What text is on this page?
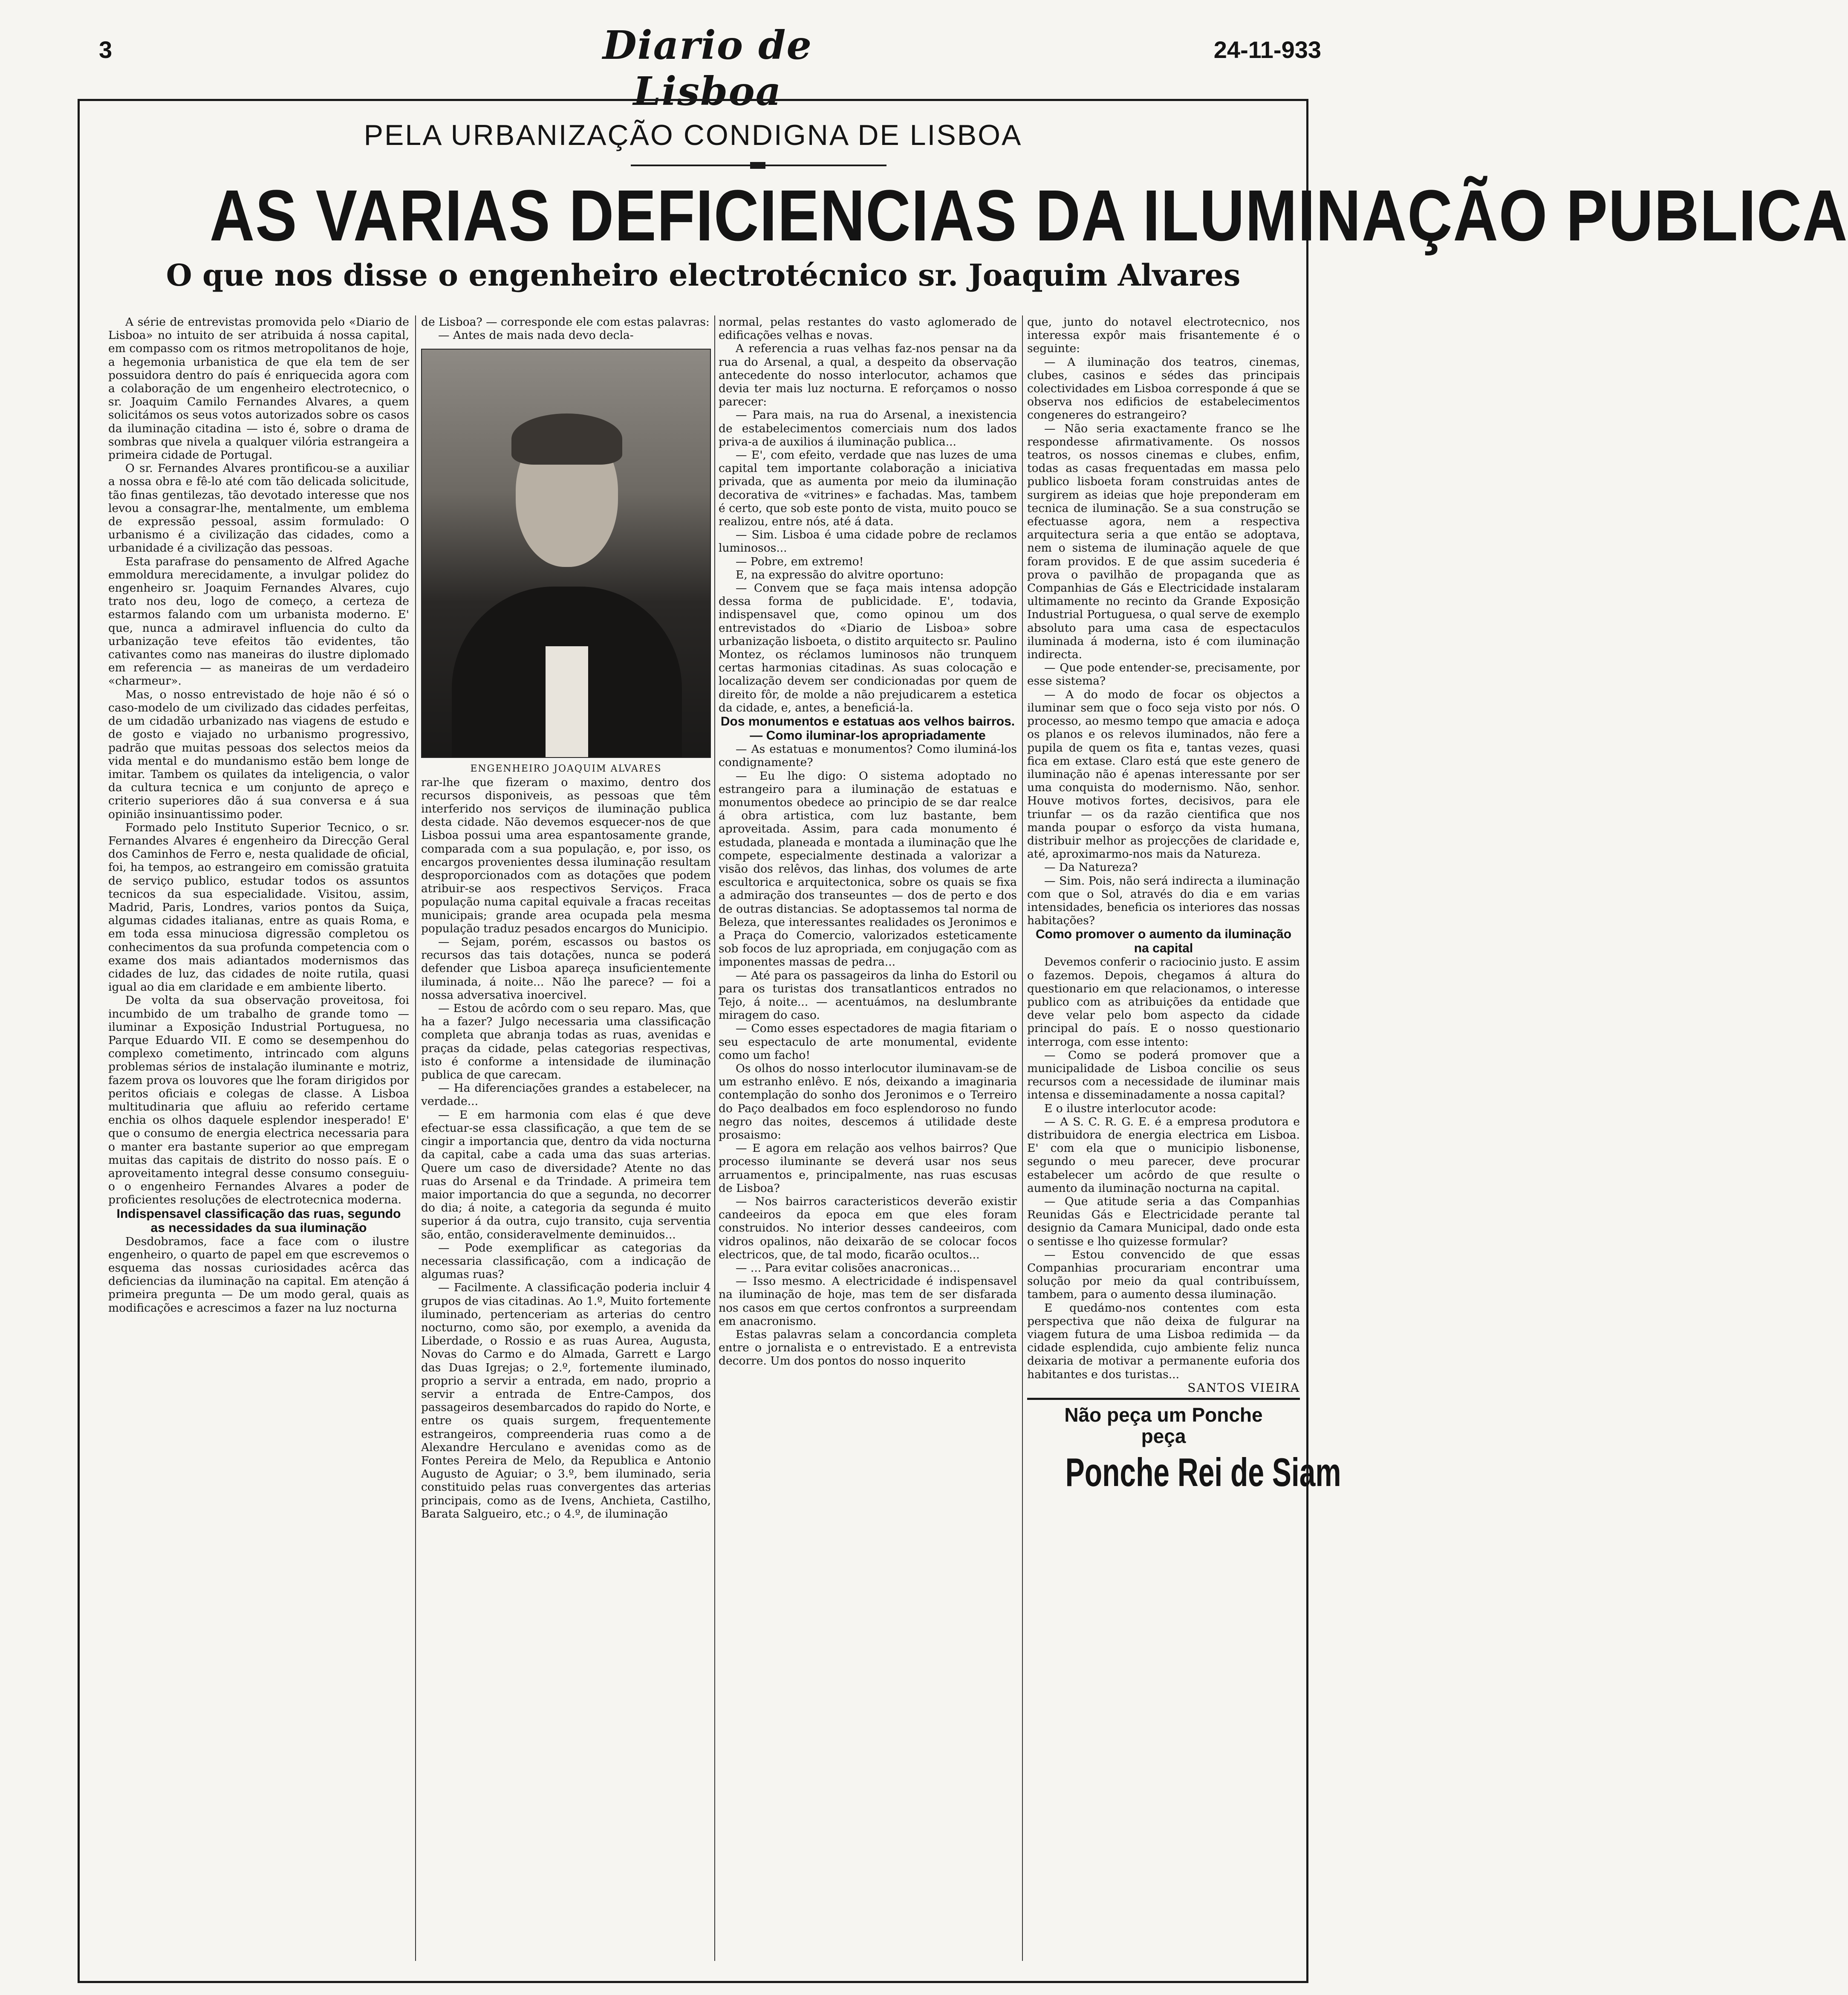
3	Diario de Lisboa
24-11-933
PELA URBANIZAÇÃO CONDIGNA DE LISBOA
AS VARIAS DEFICIENCIAS DA ILUMINAÇÃO PUBLICA
O que nos disse o engenheiro electrotécnico sr. Joaquim Alvares

A série de entrevistas promovida pelo «Diario de Lisboa» no intuito de ser atribuida á nossa capital, em compasso com os ritmos metropolitanos de hoje, a hegemonia urbanistica de que ela tem de ser possuidora dentro do país é enriquecida agora com a colaboração de um engenheiro electrotecnico, o sr. Joaquim Camilo Fernandes Alvares, a quem solicitámos os seus votos autorizados sobre os casos da iluminação citadina — isto é, sobre o drama de sombras que nivela a qualquer vilória estrangeira a primeira cidade de Portugal.

O sr. Fernandes Alvares prontificou-se a auxiliar a nossa obra e fê-lo até com tão delicada solicitude, tão finas gentilezas, tão devotado interesse que nos levou a consagrar-lhe, mentalmente, um emblema de expressão pessoal, assim formulado: O urbanismo é a civilização das cidades, como a urbanidade é a civilização das pessoas.

Esta parafrase do pensamento de Alfred Agache emmoldura merecidamente, a invulgar polidez do engenheiro sr. Joaquim Fernandes Alvares, cujo trato nos deu, logo de começo, a certeza de estarmos falando com um urbanista moderno. E' que, nunca a admiravel influencia do culto da urbanização teve efeitos tão evidentes, tão cativantes como nas maneiras do ilustre diplomado em referencia — as maneiras de um verdadeiro «charmeur».

Mas, o nosso entrevistado de hoje não é só o caso-modelo de um civilizado das cidades perfeitas, de um cidadão urbanizado nas viagens de estudo e de gosto e viajado no urbanismo progressivo, padrão que muitas pessoas dos selectos meios da vida mental e do mundanismo estão bem longe de imitar. Tambem os quilates da inteligencia, o valor da cultura tecnica e um conjunto de apreço e criterio superiores dão á sua conversa e á sua opinião insinuantissimo poder.

Formado pelo Instituto Superior Tecnico, o sr. Fernandes Alvares é engenheiro da Direcção Geral dos Caminhos de Ferro e, nesta qualidade de oficial, foi, ha tempos, ao estrangeiro em comissão gratuita de serviço publico, estudar todos os assuntos tecnicos da sua especialidade. Visitou, assim, Madrid, Paris, Londres, varios pontos da Suiça, algumas cidades italianas, entre as quais Roma, e em toda essa minuciosa digressão completou os conhecimentos da sua profunda competencia com o exame dos mais adiantados modernismos das cidades de luz, das cidades de noite rutila, quasi igual ao dia em claridade e em ambiente liberto.

De volta da sua observação proveitosa, foi incumbido de um trabalho de grande tomo — iluminar a Exposição Industrial Portuguesa, no Parque Eduardo VII. E como se desempenhou do complexo cometimento, intrincado com alguns problemas sérios de instalação iluminante e motriz, fazem prova os louvores que lhe foram dirigidos por peritos oficiais e colegas de classe. A Lisboa multitudinaria que afluiu ao referido certame enchia os olhos daquele esplendor inesperado! E' que o consumo de energia electrica necessaria para o manter era bastante superior ao que empregam muitas das capitais de distrito do nosso país. E o aproveitamento integral desse consumo conseguiu-o o engenheiro Fernandes Alvares a poder de proficientes resoluções de electrotecnica moderna.

Indispensavel classificação das ruas, segundo as necessidades da sua iluminação

Desdobramos, face a face com o ilustre engenheiro, o quarto de papel em que escrevemos o esquema das nossas curiosidades acêrca das deficiencias da iluminação na capital. Em atenção á primeira pregunta — De um modo geral, quais as modificações e acrescimos a fazer na luz nocturna

de Lisboa? — corresponde ele com estas palavras:

— Antes de mais nada devo decla-

ENGENHEIRO JOAQUIM ALVARES

rar-lhe que fizeram o maximo, dentro dos recursos disponiveis, as pessoas que têm interferido nos serviços de iluminação publica desta cidade. Não devemos esquecer-nos de que Lisboa possui uma area espantosamente grande, comparada com a sua população, e, por isso, os encargos provenientes dessa iluminação resultam desproporcionados com as dotações que podem atribuir-se aos respectivos Serviços. Fraca população numa capital equivale a fracas receitas municipais; grande area ocupada pela mesma população traduz pesados encargos do Municipio.

— Sejam, porém, escassos ou bastos os recursos das tais dotações, nunca se poderá defender que Lisboa apareça insuficientemente iluminada, á noite... Não lhe parece? — foi a nossa adversativa inoercivel.

— Estou de acôrdo com o seu reparo. Mas, que ha a fazer? Julgo necessaria uma classificação completa que abranja todas as ruas, avenidas e praças da cidade, pelas categorias respectivas, isto é conforme a intensidade de iluminação publica de que carecam.

— Ha diferenciações grandes a estabelecer, na verdade...

— E em harmonia com elas é que deve efectuar-se essa classificação, a que tem de se cingir a importancia que, dentro da vida nocturna da capital, cabe a cada uma das suas arterias. Quere um caso de diversidade? Atente no das ruas do Arsenal e da Trindade. A primeira tem maior importancia do que a segunda, no decorrer do dia; á noite, a categoria da segunda é muito superior á da outra, cujo transito, cuja serventia são, então, consideravelmente deminuidos...

— Pode exemplificar as categorias da necessaria classificação, com a indicação de algumas ruas?

— Facilmente. A classificação poderia incluir 4 grupos de vias citadinas. Ao 1.º, Muito fortemente iluminado, pertenceriam as arterias do centro nocturno, como são, por exemplo, a avenida da Liberdade, o Rossio e as ruas Aurea, Augusta, Novas do Carmo e do Almada, Garrett e Largo das Duas Igrejas; o 2.º, fortemente iluminado, proprio a servir a entrada, em nado, proprio a servir a entrada de Entre-Campos, dos passageiros desembarcados do rapido do Norte, e entre os quais surgem, frequentemente estrangeiros, compreenderia ruas como a de Alexandre Herculano e avenidas como as de Fontes Pereira de Melo, da Republica e Antonio Augusto de Aguiar; o 3.º, bem iluminado, seria constituido pelas ruas convergentes das arterias principais, como as de Ivens, Anchieta, Castilho, Barata Salgueiro, etc.; o 4.º, de iluminação

normal, pelas restantes do vasto aglomerado de edificações velhas e novas.

A referencia a ruas velhas faz-nos pensar na da rua do Arsenal, a qual, a despeito da observação antecedente do nosso interlocutor, achamos que devia ter mais luz nocturna. E reforçamos o nosso parecer:

— Para mais, na rua do Arsenal, a inexistencia de estabelecimentos comerciais num dos lados priva-a de auxilios á iluminação publica...

— E', com efeito, verdade que nas luzes de uma capital tem importante colaboração a iniciativa privada, que as aumenta por meio da iluminação decorativa de «vitrines» e fachadas. Mas, tambem é certo, que sob este ponto de vista, muito pouco se realizou, entre nós, até á data.

— Sim. Lisboa é uma cidade pobre de reclamos luminosos...

— Pobre, em extremo!

E, na expressão do alvitre oportuno:

— Convem que se faça mais intensa adopção dessa forma de publicidade. E', todavia, indispensavel que, como opinou um dos entrevistados do «Diario de Lisboa» sobre urbanização lisboeta, o distito arquitecto sr. Paulino Montez, os réclamos luminosos não trunquem certas harmonias citadinas. As suas colocação e localização devem ser condicionadas por quem de direito fôr, de molde a não prejudicarem a estetica da cidade, e, antes, a beneficiá-la.

Dos monumentos e estatuas aos velhos bairros. — Como iluminar-los apropriadamente

— As estatuas e monumentos? Como iluminá-los condignamente?

— Eu lhe digo: O sistema adoptado no estrangeiro para a iluminação de estatuas e monumentos obedece ao principio de se dar realce á obra artistica, com luz bastante, bem aproveitada. Assim, para cada monumento é estudada, planeada e montada a iluminação que lhe compete, especialmente destinada a valorizar a visão dos relêvos, das linhas, dos volumes de arte escultorica e arquitectonica, sobre os quais se fixa a admiração dos transeuntes — dos de perto e dos de outras distancias. Se adoptassemos tal norma de Beleza, que interessantes realidades os Jeronimos e a Praça do Comercio, valorizados esteticamente sob focos de luz apropriada, em conjugação com as imponentes massas de pedra...

— Até para os passageiros da linha do Estoril ou para os turistas dos transatlanticos entrados no Tejo, á noite... — acentuámos, na deslumbrante miragem do caso.

— Como esses espectadores de magia fitariam o seu espectaculo de arte monumental, evidente como um facho!

Os olhos do nosso interlocutor iluminavam-se de um estranho enlêvo. E nós, deixando a imaginaria contemplação do sonho dos Jeronimos e o Terreiro do Paço dealbados em foco esplendoroso no fundo negro das noites, descemos á utilidade deste prosaismo:

— E agora em relação aos velhos bairros? Que processo iluminante se deverá usar nos seus arruamentos e, principalmente, nas ruas escusas de Lisboa?

— Nos bairros caracteristicos deverão existir candeeiros da epoca em que eles foram construidos. No interior desses candeeiros, com vidros opalinos, não deixarão de se colocar focos electricos, que, de tal modo, ficarão ocultos...

— ... Para evitar colisões anacronicas...

— Isso mesmo. A electricidade é indispensavel na iluminação de hoje, mas tem de ser disfarada nos casos em que certos confrontos a surpreendam em anacronismo.

Estas palavras selam a concordancia completa entre o jornalista e o entrevistado. E a entrevista decorre. Um dos pontos do nosso inquerito

que, junto do notavel electrotecnico, nos interessa expôr mais frisantemente é o seguinte:

— A iluminação dos teatros, cinemas, clubes, casinos e sédes das principais colectividades em Lisboa corresponde á que se observa nos edificios de estabelecimentos congeneres do estrangeiro?

— Não seria exactamente franco se lhe respondesse afirmativamente. Os nossos teatros, os nossos cinemas e clubes, enfim, todas as casas frequentadas em massa pelo publico lisboeta foram construidas antes de surgirem as ideias que hoje preponderam em tecnica de iluminação. Se a sua construção se efectuasse agora, nem a respectiva arquitectura seria a que então se adoptava, nem o sistema de iluminação aquele de que foram providos. E de que assim sucederia é prova o pavilhão de propaganda que as Companhias de Gás e Electricidade instalaram ultimamente no recinto da Grande Exposição Industrial Portuguesa, o qual serve de exemplo absoluto para uma casa de espectaculos iluminada á moderna, isto é com iluminação indirecta.

— Que pode entender-se, precisamente, por esse sistema?

— A do modo de focar os objectos a iluminar sem que o foco seja visto por nós. O processo, ao mesmo tempo que amacia e adoça os planos e os relevos iluminados, não fere a pupila de quem os fita e, tantas vezes, quasi fica em extase. Claro está que este genero de iluminação não é apenas interessante por ser uma conquista do modernismo. Não, senhor. Houve motivos fortes, decisivos, para ele triunfar — os da razão cientifica que nos manda poupar o esforço da vista humana, distribuir melhor as projecções de claridade e, até, aproximarmo-nos mais da Natureza.

— Da Natureza?

— Sim. Pois, não será indirecta a iluminação com que o Sol, através do dia e em varias intensidades, beneficia os interiores das nossas habitações?

Como promover o aumento da iluminação na capital

Devemos conferir o raciocinio justo. E assim o fazemos. Depois, chegamos á altura do questionario em que relacionamos, o interesse publico com as atribuições da entidade que deve velar pelo bom aspecto da cidade principal do país. E o nosso questionario interroga, com esse intento:

— Como se poderá promover que a municipalidade de Lisboa concilie os seus recursos com a necessidade de iluminar mais intensa e disseminadamente a nossa capital?

E o ilustre interlocutor acode:

— A S. C. R. G. E. é a empresa produtora e distribuidora de energia electrica em Lisboa. E' com ela que o municipio lisbonense, segundo o meu parecer, deve procurar estabelecer um acôrdo de que resulte o aumento da iluminação nocturna na capital.

— Que atitude seria a das Companhias Reunidas Gás e Electricidade perante tal designio da Camara Municipal, dado onde esta o sentisse e lho quizesse formular?

— Estou convencido de que essas Companhias procurariam encontrar uma solução por meio da qual contribuíssem, tambem, para o aumento dessa iluminação.

E quedámo-nos contentes com esta perspectiva que não deixa de fulgurar na viagem futura de uma Lisboa redimida — da cidade esplendida, cujo ambiente feliz nunca deixaria de motivar a permanente euforia dos habitantes e dos turistas...

SANTOS VIEIRA

Não peça um Ponche
peça
Ponche Rei de Siam
